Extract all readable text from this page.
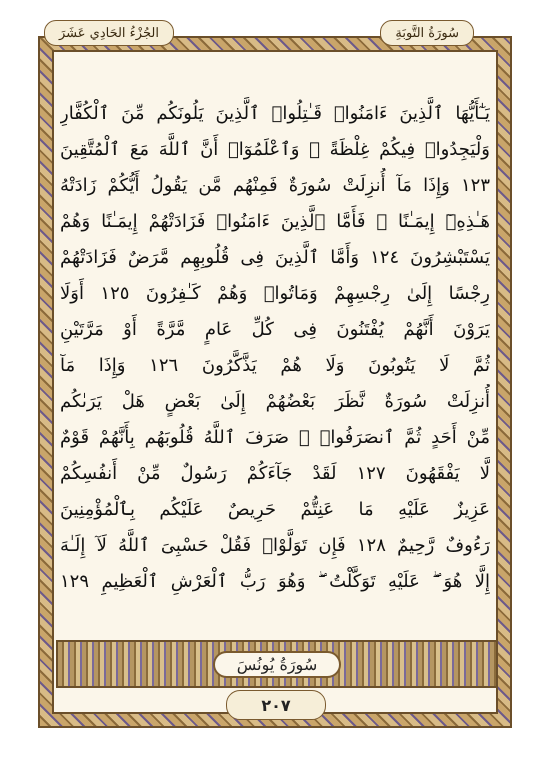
الجُزْءُ الحَادِي عَشَرَ	سُورَةُ التَّوبَةِ
يَـٰٓأَيُّهَا ٱلَّذِينَ ءَامَنُوا۟ قَـٰتِلُوا۟ ٱلَّذِينَ يَلُونَكُم مِّنَ ٱلْكُفَّارِ
وَلْيَجِدُوا۟ فِيكُمْ غِلْظَةً ۚ وَٱعْلَمُوٓا۟ أَنَّ ٱللَّهَ مَعَ ٱلْمُتَّقِينَ
١٢٣ وَإِذَا مَآ أُنزِلَتْ سُورَةٌ فَمِنْهُم مَّن يَقُولُ أَيُّكُمْ زَادَتْهُ
هَـٰذِهِۦٓ إِيمَـٰنًا ۚ فَأَمَّا ٱلَّذِينَ ءَامَنُوا۟ فَزَادَتْهُمْ إِيمَـٰنًا وَهُمْ
يَسْتَبْشِرُونَ ١٢٤ وَأَمَّا ٱلَّذِينَ فِى قُلُوبِهِم مَّرَضٌ فَزَادَتْهُمْ
رِجْسًا إِلَىٰ رِجْسِهِمْ وَمَاتُوا۟ وَهُمْ كَـٰفِرُونَ ١٢٥ أَوَلَا
يَرَوْنَ أَنَّهُمْ يُفْتَنُونَ فِى كُلِّ عَامٍ مَّرَّةً أَوْ مَرَّتَيْنِ
ثُمَّ لَا يَتُوبُونَ وَلَا هُمْ يَذَّكَّرُونَ ١٢٦ وَإِذَا مَآ
أُنزِلَتْ سُورَةٌ نَّظَرَ بَعْضُهُمْ إِلَىٰ بَعْضٍ هَلْ يَرَىٰكُم
مِّنْ أَحَدٍ ثُمَّ ٱنصَرَفُوا۟ ۚ صَرَفَ ٱللَّهُ قُلُوبَهُم بِأَنَّهُمْ قَوْمٌ
لَّا يَفْقَهُونَ ١٢٧ لَقَدْ جَآءَكُمْ رَسُولٌ مِّنْ أَنفُسِكُمْ
عَزِيزٌ عَلَيْهِ مَا عَنِتُّمْ حَرِيصٌ عَلَيْكُم بِٱلْمُؤْمِنِينَ
رَءُوفٌ رَّحِيمٌ ١٢٨ فَإِن تَوَلَّوْا۟ فَقُلْ حَسْبِىَ ٱللَّهُ لَآ إِلَـٰهَ
إِلَّا هُوَ ۖ عَلَيْهِ تَوَكَّلْتُ ۖ وَهُوَ رَبُّ ٱلْعَرْشِ ٱلْعَظِيمِ ١٢٩
سُورَةُ يُونُسَ
٢٠٧
